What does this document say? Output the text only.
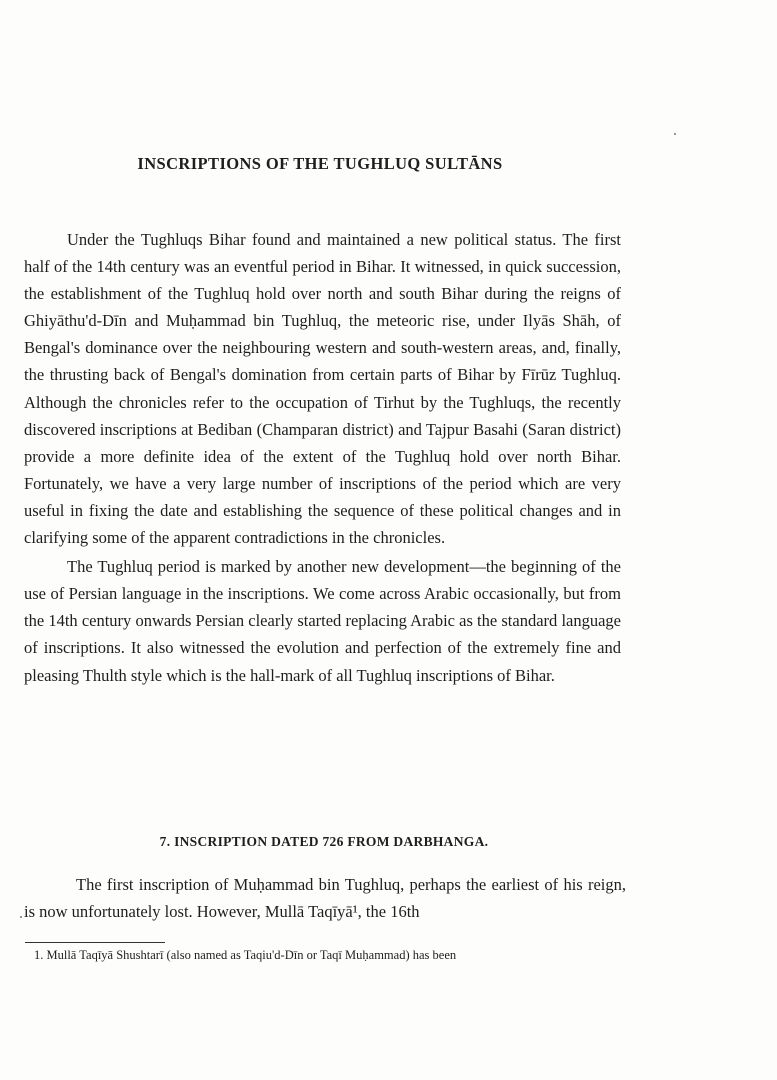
INSCRIPTIONS OF THE TUGHLUQ SULTĀNS

Under the Tughluqs Bihar found and maintained a new political status. The first half of the 14th century was an eventful period in Bihar. It witnessed, in quick succession, the establishment of the Tughluq hold over north and south Bihar during the reigns of Ghiyāthu'd-Dīn and Muḥammad bin Tughluq, the meteoric rise, under Ilyās Shāh, of Bengal's dominance over the neighbouring western and south-western areas, and, finally, the thrusting back of Bengal's domination from certain parts of Bihar by Fīrūz Tughluq. Although the chronicles refer to the occupation of Tirhut by the Tughluqs, the recently discovered inscriptions at Bediban (Champaran district) and Tajpur Basahi (Saran district) provide a more definite idea of the extent of the Tughluq hold over north Bihar. Fortunately, we have a very large number of inscriptions of the period which are very useful in fixing the date and establishing the sequence of these political changes and in clarifying some of the apparent contradictions in the chronicles.

The Tughluq period is marked by another new development—the beginning of the use of Persian language in the inscriptions. We come across Arabic occasionally, but from the 14th century onwards Persian clearly started replacing Arabic as the standard language of inscriptions. It also witnessed the evolution and perfection of the extremely fine and pleasing Thulth style which is the hall-mark of all Tughluq inscriptions of Bihar.

7. INSCRIPTION DATED 726 FROM DARBHANGA.

The first inscription of Muḥammad bin Tughluq, perhaps the earliest of his reign, is now unfortunately lost. However, Mullā Taqīyā¹, the 16th

1. Mullā Taqīyā Shushtarī (also named as Taqiu'd-Dīn or Taqī Muḥammad) has been
